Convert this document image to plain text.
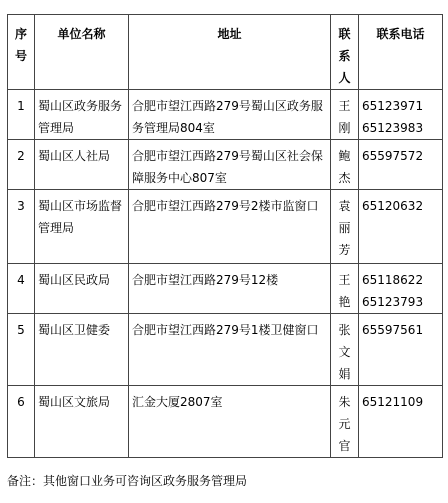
序号	单位名称	地址	联系人	联系电话

1	蜀山区政务服务管理局	合肥市望江西路279号蜀山区政务服务管理局804室	王刚	65123971
65123983

2	蜀山区人社局	合肥市望江西路279号蜀山区社会保障服务中心807室	鲍杰	65597572

3	蜀山区市场监督管理局	合肥市望江西路279号2楼市监窗口	袁丽芳	65120632

4	蜀山区民政局	合肥市望江西路279号12楼	王艳	65118622
65123793

5	蜀山区卫健委	合肥市望江西路279号1楼卫健窗口	张文娟	65597561

6	蜀山区文旅局	汇金大厦2807室	朱元官	65121109
备注：其他窗口业务可咨询区政务服务管理局
